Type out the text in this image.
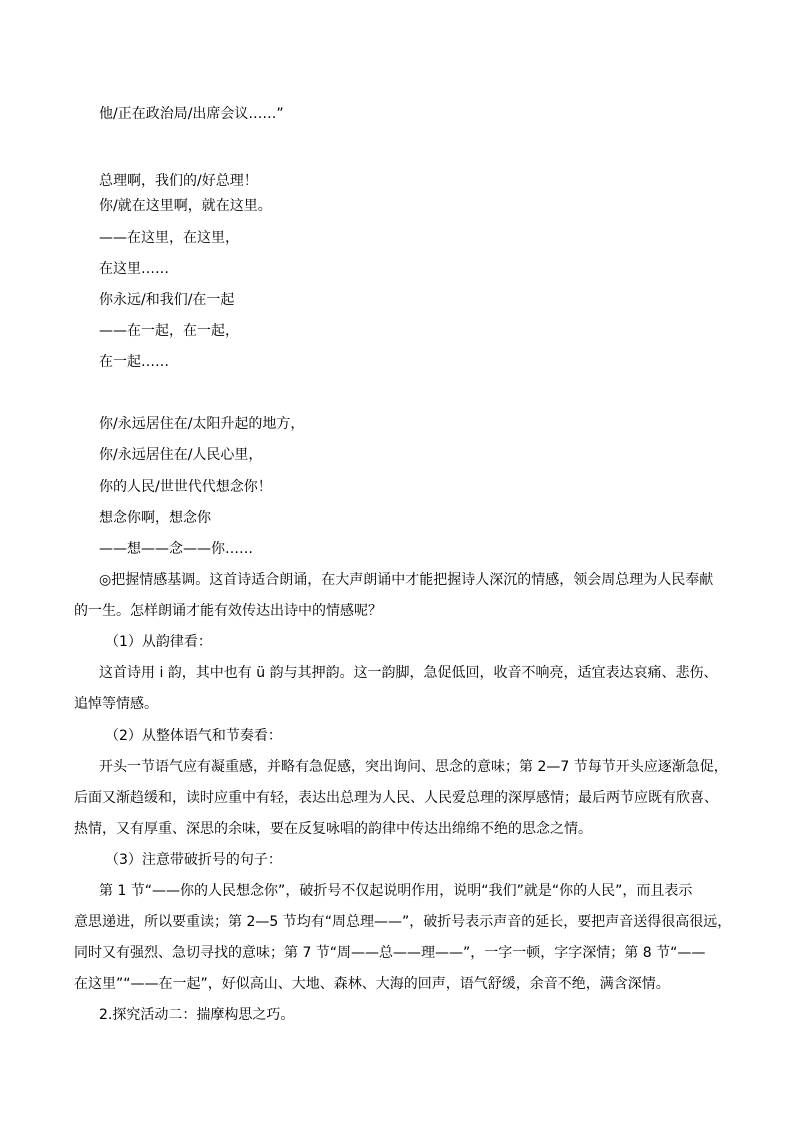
他/正在政治局/出席会议……”
总理啊，我们的/好总理！
你/就在这里啊，就在这里。
——在这里，在这里，
在这里……
你永远/和我们/在一起
——在一起，在一起，
在一起……
你/永远居住在/太阳升起的地方，
你/永远居住在/人民心里，
你的人民/世世代代想念你！
想念你啊，想念你
——想——念——你……
◎把握情感基调。这首诗适合朗诵，在大声朗诵中才能把握诗人深沉的情感，领会周总理为人民奉献
的一生。怎样朗诵才能有效传达出诗中的情感呢？
（1）从韵律看：
这首诗用 i 韵，其中也有 ü 韵与其押韵。这一韵脚，急促低回，收音不响亮，适宜表达哀痛、悲伤、
追悼等情感。
（2）从整体语气和节奏看：
开头一节语气应有凝重感，并略有急促感，突出询问、思念的意味；第 2—7 节每节开头应逐渐急促，
后面又渐趋缓和，读时应重中有轻，表达出总理为人民、人民爱总理的深厚感情；最后两节应既有欣喜、
热情，又有厚重、深思的余味，要在反复咏唱的韵律中传达出绵绵不绝的思念之情。
（3）注意带破折号的句子：
第 1 节“——你的人民想念你”，破折号不仅起说明作用，说明“我们”就是“你的人民”，而且表示
意思递进，所以要重读；第 2—5 节均有“周总理——”，破折号表示声音的延长，要把声音送得很高很远，
同时又有强烈、急切寻找的意味；第 7 节“周——总——理——”，一字一顿，字字深情；第 8 节“——
在这里”“——在一起”，好似高山、大地、森林、大海的回声，语气舒缓，余音不绝，满含深情。
2.探究活动二：揣摩构思之巧。
